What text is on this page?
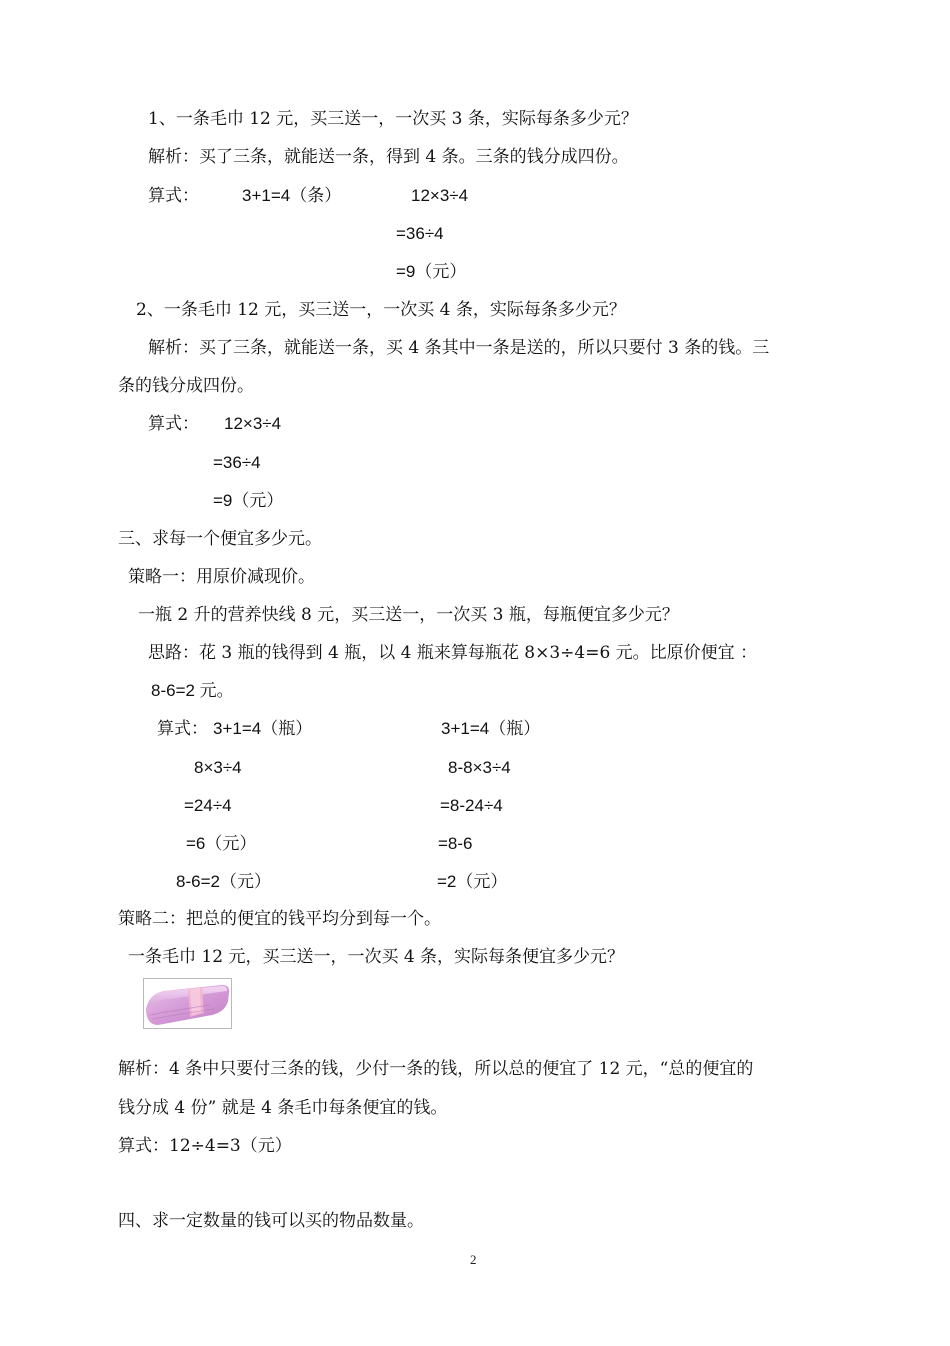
1、一条毛巾 12 元，买三送一，一次买 3 条，实际每条多少元？
解析：买了三条，就能送一条，得到 4 条。三条的钱分成四份。
算式：	3+1=4（条）	12×3÷4
=36÷4
=9（元）
2、一条毛巾 12 元，买三送一，一次买 4 条，实际每条多少元？
解析：买了三条，就能送一条，买 4 条其中一条是送的，所以只要付 3 条的钱。三
条的钱分成四份。
算式： 12×3÷4
=36÷4
=9（元）
三、求每一个便宜多少元。
策略一：用原价减现价。
一瓶 2 升的营养快线 8 元，买三送一，一次买 3 瓶，每瓶便宜多少元？
思路：花 3 瓶的钱得到 4 瓶，以 4 瓶来算每瓶花 8×3÷4=6 元。比原价便宜 ：
8-6=2 元。
算式： 3+1=4（瓶）
8×3÷4
=24÷4
=6（元）
8-6=2（元）
3+1=4（瓶）
8-8×3÷4
=8-24÷4
=8-6
=2（元）
策略二：把总的便宜的钱平均分到每一个。
一条毛巾 12 元，买三送一，一次买 4 条，实际每条便宜多少元？
解析：4 条中只要付三条的钱，少付一条的钱，所以总的便宜了 12 元，“总的便宜的
钱分成 4 份” 就是 4 条毛巾每条便宜的钱。
算式：12÷4=3（元）
四、求一定数量的钱可以买的物品数量。
2
